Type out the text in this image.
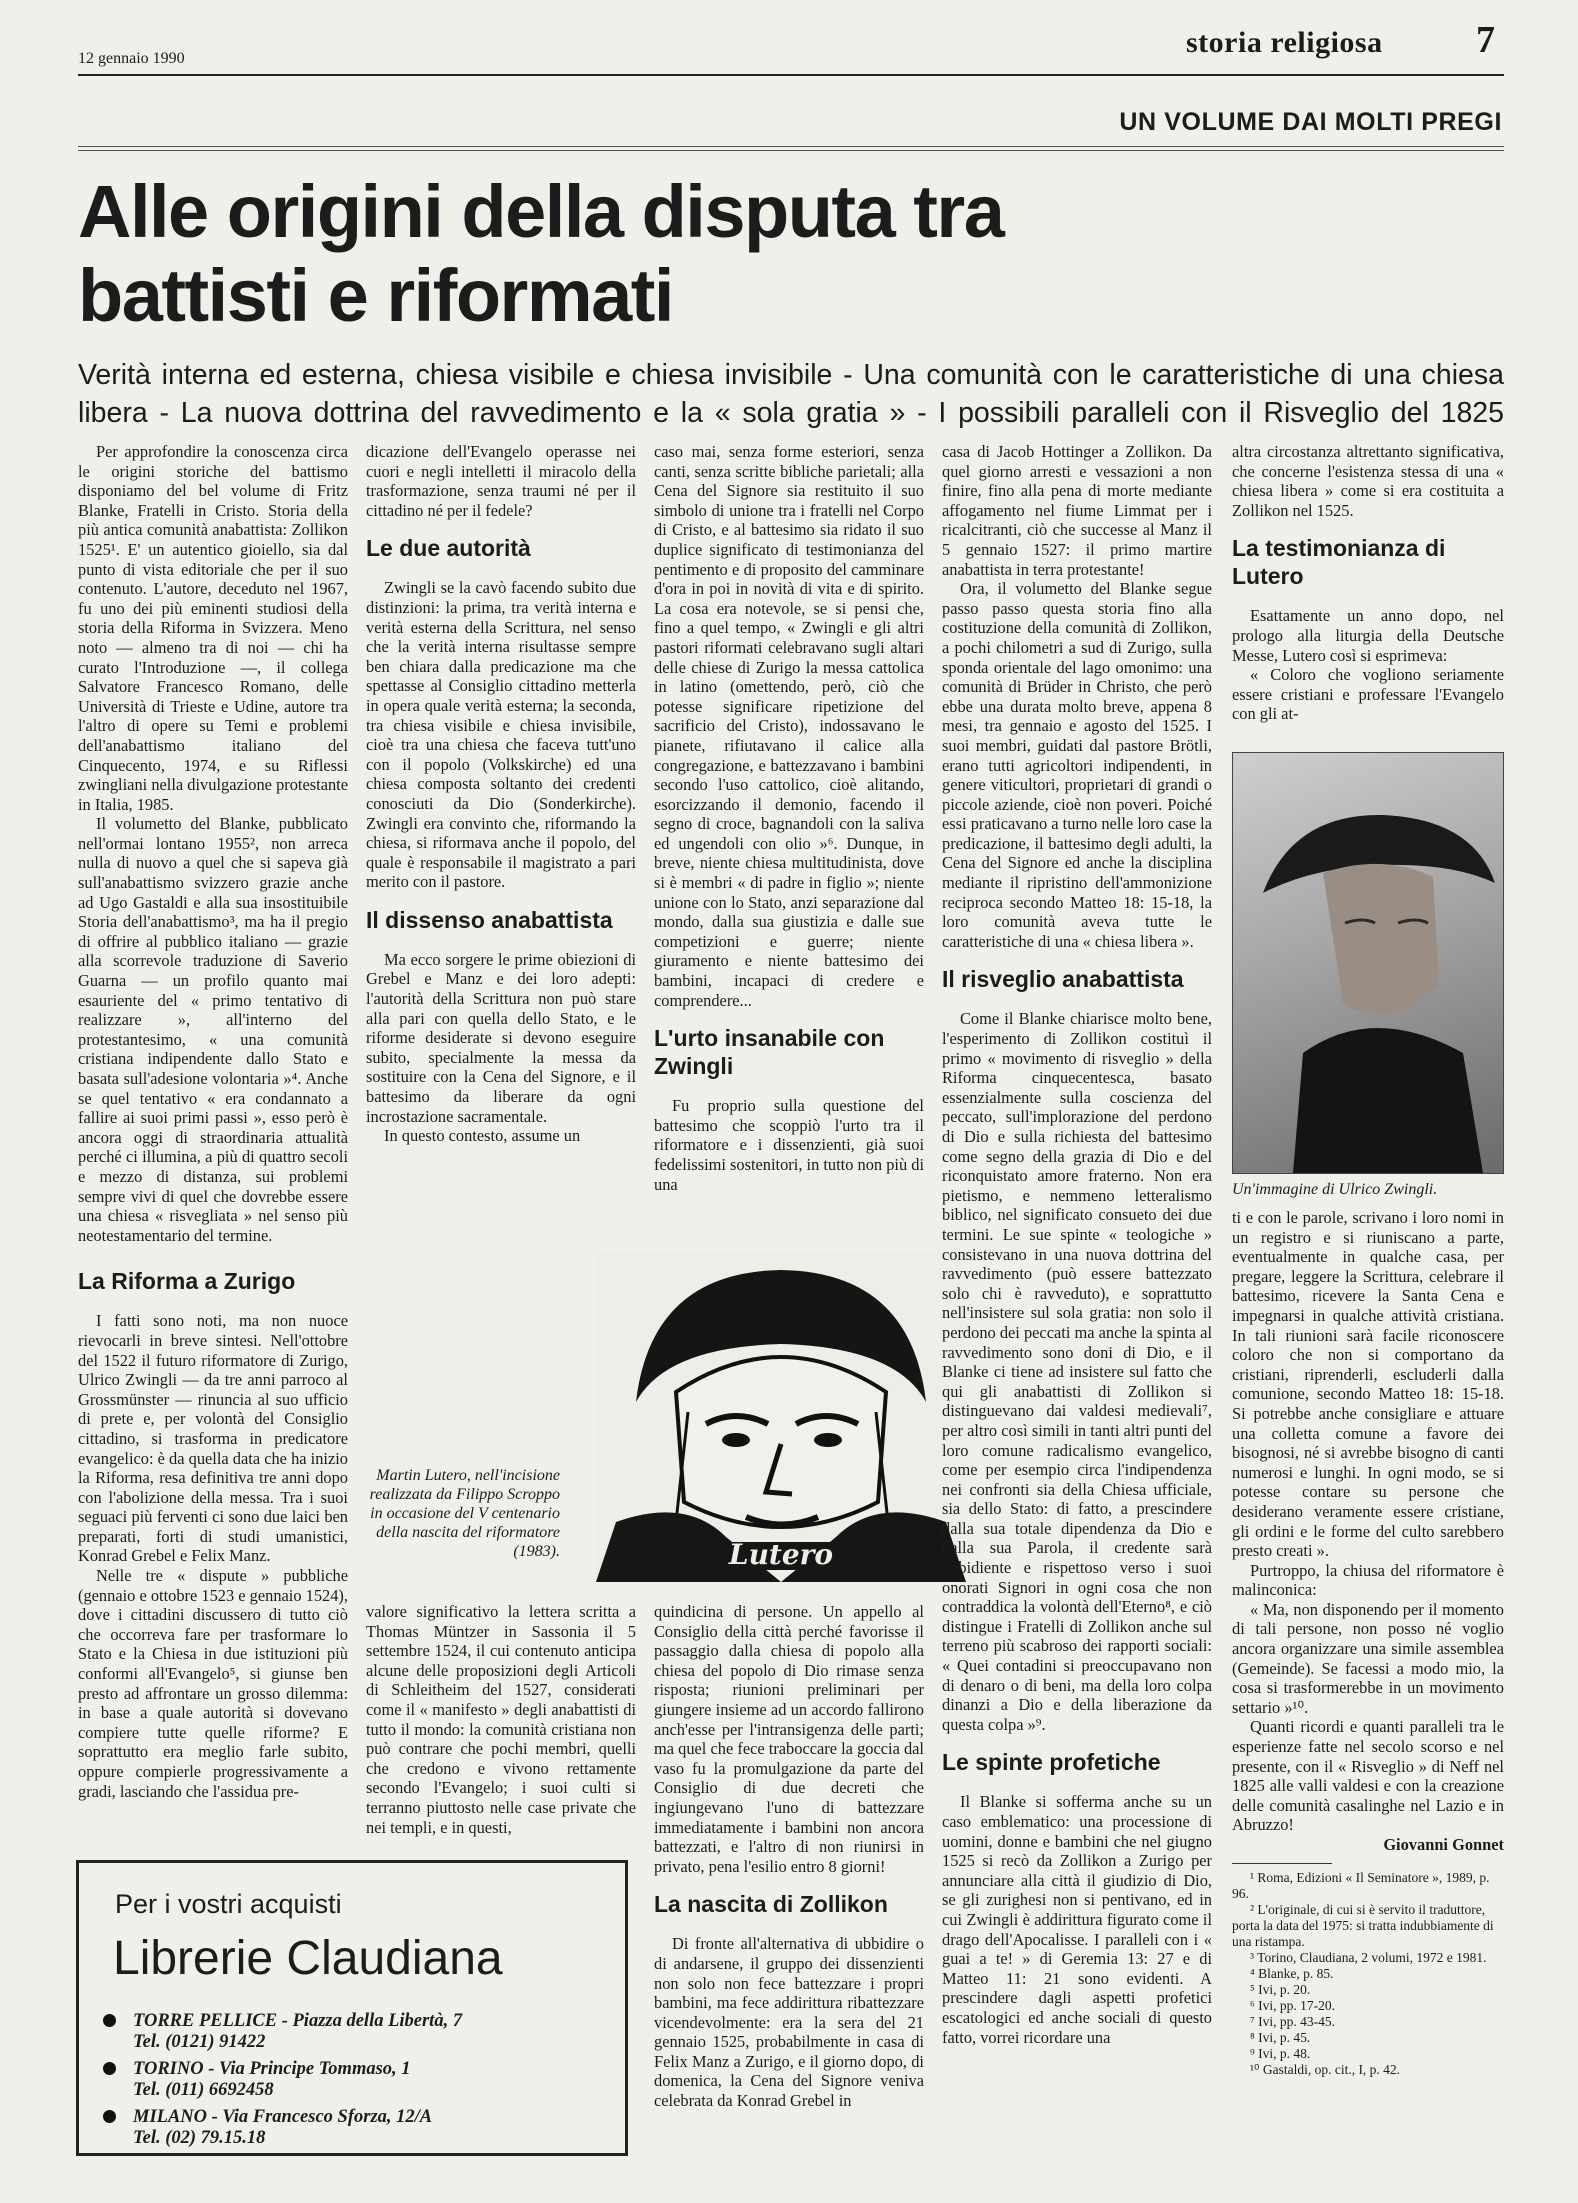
12 gennaio 1990	storia religiosa 7
UN VOLUME DAI MOLTI PREGI
Alle origini della disputa tra battisti e riformati
Verità interna ed esterna, chiesa visibile e chiesa invisibile - Una comunità con le caratteristiche di una chiesa libera - La nuova dottrina del ravvedimento e la « sola gratia » - I possibili paralleli con il Risveglio del 1825

Per approfondire la conoscenza circa le origini storiche del battismo disponiamo del bel volume di Fritz Blanke, Fratelli in Cristo. Storia della più antica comunità anabattista: Zollikon 1525¹. E' un autentico gioiello, sia dal punto di vista editoriale che per il suo contenuto. L'autore, deceduto nel 1967, fu uno dei più eminenti studiosi della storia della Riforma in Svizzera. Meno noto — almeno tra di noi — chi ha curato l'Introduzione —, il collega Salvatore Francesco Romano, delle Università di Trieste e Udine, autore tra l'altro di opere su Temi e problemi dell'anabattismo italiano del Cinquecento, 1974, e su Riflessi zwingliani nella divulgazione protestante in Italia, 1985.

Il volumetto del Blanke, pubblicato nell'ormai lontano 1955², non arreca nulla di nuovo a quel che si sapeva già sull'anabattismo svizzero grazie anche ad Ugo Gastaldi e alla sua insostituibile Storia dell'anabattismo³, ma ha il pregio di offrire al pubblico italiano — grazie alla scorrevole traduzione di Saverio Guarna — un profilo quanto mai esauriente del « primo tentativo di realizzare », all'interno del protestantesimo, « una comunità cristiana indipendente dallo Stato e basata sull'adesione volontaria »⁴. Anche se quel tentativo « era condannato a fallire ai suoi primi passi », esso però è ancora oggi di straordinaria attualità perché ci illumina, a più di quattro secoli e mezzo di distanza, sui problemi sempre vivi di quel che dovrebbe essere una chiesa « risvegliata » nel senso più neotestamentario del termine.

La Riforma a Zurigo

I fatti sono noti, ma non nuoce rievocarli in breve sintesi. Nell'ottobre del 1522 il futuro riformatore di Zurigo, Ulrico Zwingli — da tre anni parroco al Grossmünster — rinuncia al suo ufficio di prete e, per volontà del Consiglio cittadino, si trasforma in predicatore evangelico: è da quella data che ha inizio la Riforma, resa definitiva tre anni dopo con l'abolizione della messa. Tra i suoi seguaci più ferventi ci sono due laici ben preparati, forti di studi umanistici, Konrad Grebel e Felix Manz.

Nelle tre « dispute » pubbliche (gennaio e ottobre 1523 e gennaio 1524), dove i cittadini discussero di tutto ciò che occorreva fare per trasformare lo Stato e la Chiesa in due istituzioni più conformi all'Evangelo⁵, si giunse ben presto ad affrontare un grosso dilemma: in base a quale autorità si dovevano compiere tutte quelle riforme? E soprattutto era meglio farle subito, oppure compierle progressivamente a gradi, lasciando che l'assidua pre-

dicazione dell'Evangelo operasse nei cuori e negli intelletti il miracolo della trasformazione, senza traumi né per il cittadino né per il fedele?

Le due autorità

Zwingli se la cavò facendo subito due distinzioni: la prima, tra verità interna e verità esterna della Scrittura, nel senso che la verità interna risultasse sempre ben chiara dalla predicazione ma che spettasse al Consiglio cittadino metterla in opera quale verità esterna; la seconda, tra chiesa visibile e chiesa invisibile, cioè tra una chiesa che faceva tutt'uno con il popolo (Volkskirche) ed una chiesa composta soltanto dei credenti conosciuti da Dio (Sonderkirche). Zwingli era convinto che, riformando la chiesa, si riformava anche il popolo, del quale è responsabile il magistrato a pari merito con il pastore.

Il dissenso anabattista

Ma ecco sorgere le prime obiezioni di Grebel e Manz e dei loro adepti: l'autorità della Scrittura non può stare alla pari con quella dello Stato, e le riforme desiderate si devono eseguire subito, specialmente la messa da sostituire con la Cena del Signore, e il battesimo da liberare da ogni incrostazione sacramentale.

In questo contesto, assume un

Lutero
Martin Lutero, nell'incisione realizzata da Filippo Scroppo in occasione del V centenario della nascita del riformatore (1983).

valore significativo la lettera scritta a Thomas Müntzer in Sassonia il 5 settembre 1524, il cui contenuto anticipa alcune delle proposizioni degli Articoli di Schleitheim del 1527, considerati come il « manifesto » degli anabattisti di tutto il mondo: la comunità cristiana non può contrare che pochi membri, quelli che credono e vivono rettamente secondo l'Evangelo; i suoi culti si terranno piuttosto nelle case private che nei templi, e in questi,

caso mai, senza forme esteriori, senza canti, senza scritte bibliche parietali; alla Cena del Signore sia restituito il suo simbolo di unione tra i fratelli nel Corpo di Cristo, e al battesimo sia ridato il suo duplice significato di testimonianza del pentimento e di proposito del camminare d'ora in poi in novità di vita e di spirito. La cosa era notevole, se si pensi che, fino a quel tempo, « Zwingli e gli altri pastori riformati celebravano sugli altari delle chiese di Zurigo la messa cattolica in latino (omettendo, però, ciò che potesse significare ripetizione del sacrificio del Cristo), indossavano le pianete, rifiutavano il calice alla congregazione, e battezzavano i bambini secondo l'uso cattolico, cioè alitando, esorcizzando il demonio, facendo il segno di croce, bagnandoli con la saliva ed ungendoli con olio »⁶. Dunque, in breve, niente chiesa multitudinista, dove si è membri « di padre in figlio »; niente unione con lo Stato, anzi separazione dal mondo, dalla sua giustizia e dalle sue competizioni e guerre; niente giuramento e niente battesimo dei bambini, incapaci di credere e comprendere...

L'urto insanabile con Zwingli

Fu proprio sulla questione del battesimo che scoppiò l'urto tra il riformatore e i dissenzienti, già suoi fedelissimi sostenitori, in tutto non più di una

quindicina di persone. Un appello al Consiglio della città perché favorisse il passaggio dalla chiesa di popolo alla chiesa del popolo di Dio rimase senza risposta; riunioni preliminari per giungere insieme ad un accordo fallirono anch'esse per l'intransigenza delle parti; ma quel che fece traboccare la goccia dal vaso fu la promulgazione da parte del Consiglio di due decreti che ingiungevano l'uno di battezzare immediatamente i bambini non ancora battezzati, e l'altro di non riunirsi in privato, pena l'esilio entro 8 giorni!

La nascita di Zollikon

Di fronte all'alternativa di ubbidire o di andarsene, il gruppo dei dissenzienti non solo non fece battezzare i propri bambini, ma fece addirittura ribattezzare vicendevolmente: era la sera del 21 gennaio 1525, probabilmente in casa di Felix Manz a Zurigo, e il giorno dopo, di domenica, la Cena del Signore veniva celebrata da Konrad Grebel in

casa di Jacob Hottinger a Zollikon. Da quel giorno arresti e vessazioni a non finire, fino alla pena di morte mediante affogamento nel fiume Limmat per i ricalcitranti, ciò che successe al Manz il 5 gennaio 1527: il primo martire anabattista in terra protestante!

Ora, il volumetto del Blanke segue passo passo questa storia fino alla costituzione della comunità di Zollikon, a pochi chilometri a sud di Zurigo, sulla sponda orientale del lago omonimo: una comunità di Brüder in Christo, che però ebbe una durata molto breve, appena 8 mesi, tra gennaio e agosto del 1525. I suoi membri, guidati dal pastore Brötli, erano tutti agricoltori indipendenti, in genere viticultori, proprietari di grandi o piccole aziende, cioè non poveri. Poiché essi praticavano a turno nelle loro case la predicazione, il battesimo degli adulti, la Cena del Signore ed anche la disciplina mediante il ripristino dell'ammonizione reciproca secondo Matteo 18: 15-18, la loro comunità aveva tutte le caratteristiche di una « chiesa libera ».

Il risveglio anabattista

Come il Blanke chiarisce molto bene, l'esperimento di Zollikon costituì il primo « movimento di risveglio » della Riforma cinquecentesca, basato essenzialmente sulla coscienza del peccato, sull'implorazione del perdono di Dio e sulla richiesta del battesimo come segno della grazia di Dio e del riconquistato amore fraterno. Non era pietismo, e nemmeno letteralismo biblico, nel significato consueto dei due termini. Le sue spinte « teologiche » consistevano in una nuova dottrina del ravvedimento (può essere battezzato solo chi è ravveduto), e soprattutto nell'insistere sul sola gratia: non solo il perdono dei peccati ma anche la spinta al ravvedimento sono doni di Dio, e il Blanke ci tiene ad insistere sul fatto che qui gli anabattisti di Zollikon si distinguevano dai valdesi medievali⁷, per altro così simili in tanti altri punti del loro comune radicalismo evangelico, come per esempio circa l'indipendenza nei confronti sia della Chiesa ufficiale, sia dello Stato: di fatto, a prescindere dalla sua totale dipendenza da Dio e dalla sua Parola, il credente sarà ubbidiente e rispettoso verso i suoi onorati Signori in ogni cosa che non contraddica la volontà dell'Eterno⁸, e ciò distingue i Fratelli di Zollikon anche sul terreno più scabroso dei rapporti sociali: « Quei contadini si preoccupavano non di denaro o di beni, ma della loro colpa dinanzi a Dio e della liberazione da questa colpa »⁹.

Le spinte profetiche

Il Blanke si sofferma anche su un caso emblematico: una processione di uomini, donne e bambini che nel giugno 1525 si recò da Zollikon a Zurigo per annunciare alla città il giudizio di Dio, se gli zurighesi non si pentivano, ed in cui Zwingli è addirittura figurato come il drago dell'Apocalisse. I paralleli con i « guai a te! » di Geremia 13: 27 e di Matteo 11: 21 sono evidenti. A prescindere dagli aspetti profetici escatologici ed anche sociali di questo fatto, vorrei ricordare una

altra circostanza altrettanto significativa, che concerne l'esistenza stessa di una « chiesa libera » come si era costituita a Zollikon nel 1525.

La testimonianza di Lutero

Esattamente un anno dopo, nel prologo alla liturgia della Deutsche Messe, Lutero così si esprimeva:

« Coloro che vogliono seriamente essere cristiani e professare l'Evangelo con gli at-

Un'immagine di Ulrico Zwingli.

ti e con le parole, scrivano i loro nomi in un registro e si riuniscano a parte, eventualmente in qualche casa, per pregare, leggere la Scrittura, celebrare il battesimo, ricevere la Santa Cena e impegnarsi in qualche attività cristiana. In tali riunioni sarà facile riconoscere coloro che non si comportano da cristiani, riprenderli, escluderli dalla comunione, secondo Matteo 18: 15-18. Si potrebbe anche consigliare e attuare una colletta comune a favore dei bisognosi, né si avrebbe bisogno di canti numerosi e lunghi. In ogni modo, se si potesse contare su persone che desiderano veramente essere cristiane, gli ordini e le forme del culto sarebbero presto creati ».

Purtroppo, la chiusa del riformatore è malinconica:

« Ma, non disponendo per il momento di tali persone, non posso né voglio ancora organizzare una simile assemblea (Gemeinde). Se facessi a modo mio, la cosa si trasformerebbe in un movimento settario »¹⁰.

Quanti ricordi e quanti paralleli tra le esperienze fatte nel secolo scorso e nel presente, con il « Risveglio » di Neff nel 1825 alle valli valdesi e con la creazione delle comunità casalinghe nel Lazio e in Abruzzo!

Giovanni Gonnet

¹ Roma, Edizioni « Il Seminatore », 1989, p. 96.

² L'originale, di cui si è servito il traduttore, porta la data del 1975: si tratta indubbiamente di una ristampa.

³ Torino, Claudiana, 2 volumi, 1972 e 1981.

⁴ Blanke, p. 85.

⁵ Ivi, p. 20.

⁶ Ivi, pp. 17-20.

⁷ Ivi, pp. 43-45.

⁸ Ivi, p. 45.

⁹ Ivi, p. 48.

¹⁰ Gastaldi, op. cit., I, p. 42.

Per i vostri acquisti
Librerie Claudiana
TORRE PELLICE - Piazza della Libertà, 7
Tel. (0121) 91422
TORINO - Via Principe Tommaso, 1
Tel. (011) 6692458
MILANO - Via Francesco Sforza, 12/A
Tel. (02) 79.15.18
